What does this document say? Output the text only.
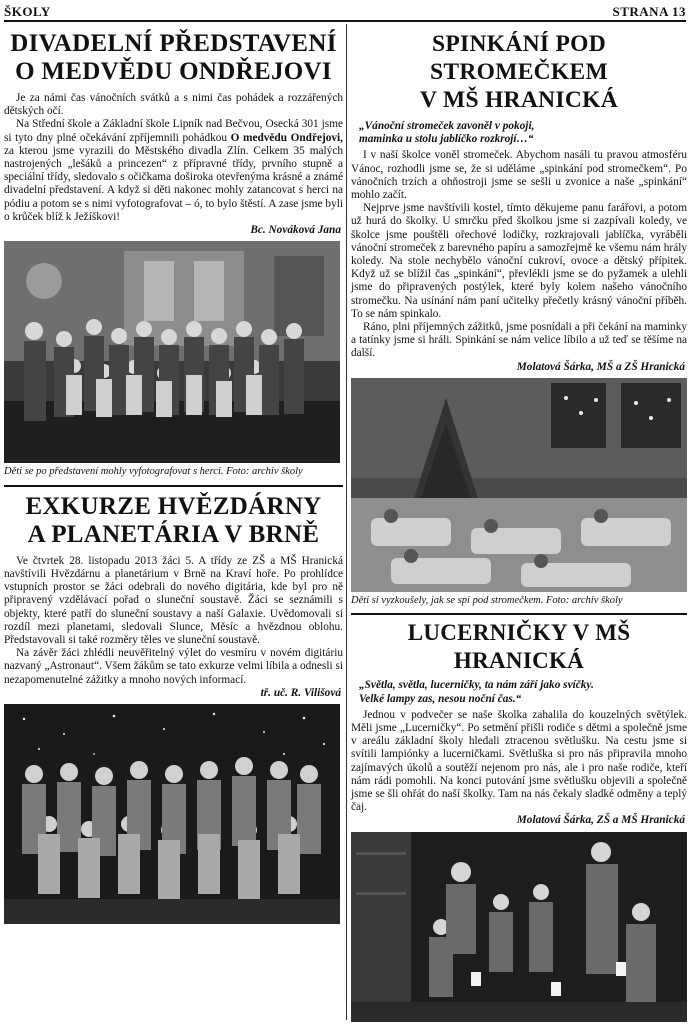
ŠKOLY	STRANA 13
DIVADELNÍ PŘEDSTAVENÍ
O MEDVĚDU ONDŘEJOVI

Je za námi čas vánočních svátků a s nimi čas pohádek a rozzářených dětských očí.

Na Střední škole a Základní škole Lipník nad Bečvou, Osecká 301 jsme si tyto dny plné očekávání zpříjemnili pohádkou O medvědu Ondřejovi, za kterou jsme vyrazili do Městského divadla Zlín. Celkem 35 malých nastrojených „lešáků a princezen“ z přípravné třídy, prvního stupně a speciální třídy, sledovalo s očičkama doširoka otevřenýma krásné a známé divadelní představení. A když si děti nakonec mohly zatancovat s herci na pódiu a potom se s nimi vyfotografovat – ó, to bylo štěstí. A zase jsme byli o krůček blíž k Ježíškovi!

Bc. Nováková Jana
Děti se po představení mohly vyfotografovat s herci. Foto: archiv školy
EXKURZE HVĚZDÁRNY
A PLANETÁRIA V BRNĚ

Ve čtvrtek 28. listopadu 2013 žáci 5. A třídy ze ZŠ a MŠ Hranická navštívili Hvězdárnu a planetárium v Brně na Kraví hoře. Po prohlídce vstupních prostor se žáci odebrali do nového digitária, kde byl pro ně připravený vzdělávací pořad o sluneční soustavě. Žáci se seznámili s objekty, které patří do sluneční soustavy a naší Galaxie. Uvědomovali si rozdíl mezi planetami, sledovali Slunce, Měsíc a hvězdnou oblohu. Představovali si také rozměry těles ve sluneční soustavě.

Na závěr žáci zhlédli neuvěřitelný výlet do vesmíru v novém digitáriu nazvaný „Astronaut“. Všem žákům se tato exkurze velmi líbila a odnesli si nezapomenutelné zážitky a mnoho nových informací.

tř. uč. R. Vilišová
SPINKÁNÍ POD STROMEČKEM
V MŠ HRANICKÁ
„Vánoční stromeček zavoněl v pokoji,
maminka u stolu jablíčko rozkrojí…“

I v naší školce voněl stromeček. Abychom nasáli tu pravou atmosféru Vánoc, rozhodli jsme se, že si uděláme „spinkání pod stromečkem“. Po vánočních trzích a ohňostroji jsme se sešli u zvonice a naše „spinkání“ mohlo začít.

Nejprve jsme navštívili kostel, tímto děkujeme panu farářovi, a potom už hurá do školky. U smrčku před školkou jsme si zazpívali koledy, ve školce jsme pouštěli ořechové lodičky, rozkrajovali jablíčka, vyráběli vánoční stromeček z barevného papíru a samozřejmě ke všemu nám hrály koledy. Na stole nechybělo vánoční cukroví, ovoce a dětský přípitek. Když už se blížil čas „spinkání“, převlékli jsme se do pyžamek a ulehli jsme do připravených postýlek, které byly kolem našeho vánočního stromečku. Na usínání nám paní učitelky přečetly krásný vánoční příběh. To se nám spinkalo.

Ráno, plni příjemných zážitků, jsme posnídali a při čekání na maminky a tatínky jsme si hráli. Spinkání se nám velice líbilo a už teď se těšíme na další.

Molatová Šárka, MŠ a ZŠ Hranická
Děti si vyzkoušely, jak se spí pod stromečkem. Foto: archiv školy
LUCERNIČKY V MŠ HRANICKÁ
„Světla, světla, lucerničky, ta nám září jako svíčky.
Velké lampy zas, nesou noční čas.“

Jednou v podvečer se naše školka zahalila do kouzelných světýlek. Měli jsme „Lucerničky“. Po setmění přišli rodiče s dětmi a společně jsme v areálu základní školy hledali ztracenou světlušku. Na cestu jsme si svítili lampiónky a lucerničkami. Světluška si pro nás připravila mnoho zajímavých úkolů a soutěží nejenom pro nás, ale i pro naše rodiče, kteří nám rádi pomohli. Na konci putování jsme světlušku objevili a společně jsme se šli ohřát do naší školky. Tam na nás čekaly sladké odměny a teplý čaj.

Molatová Šárka, ZŠ a MŠ Hranická
